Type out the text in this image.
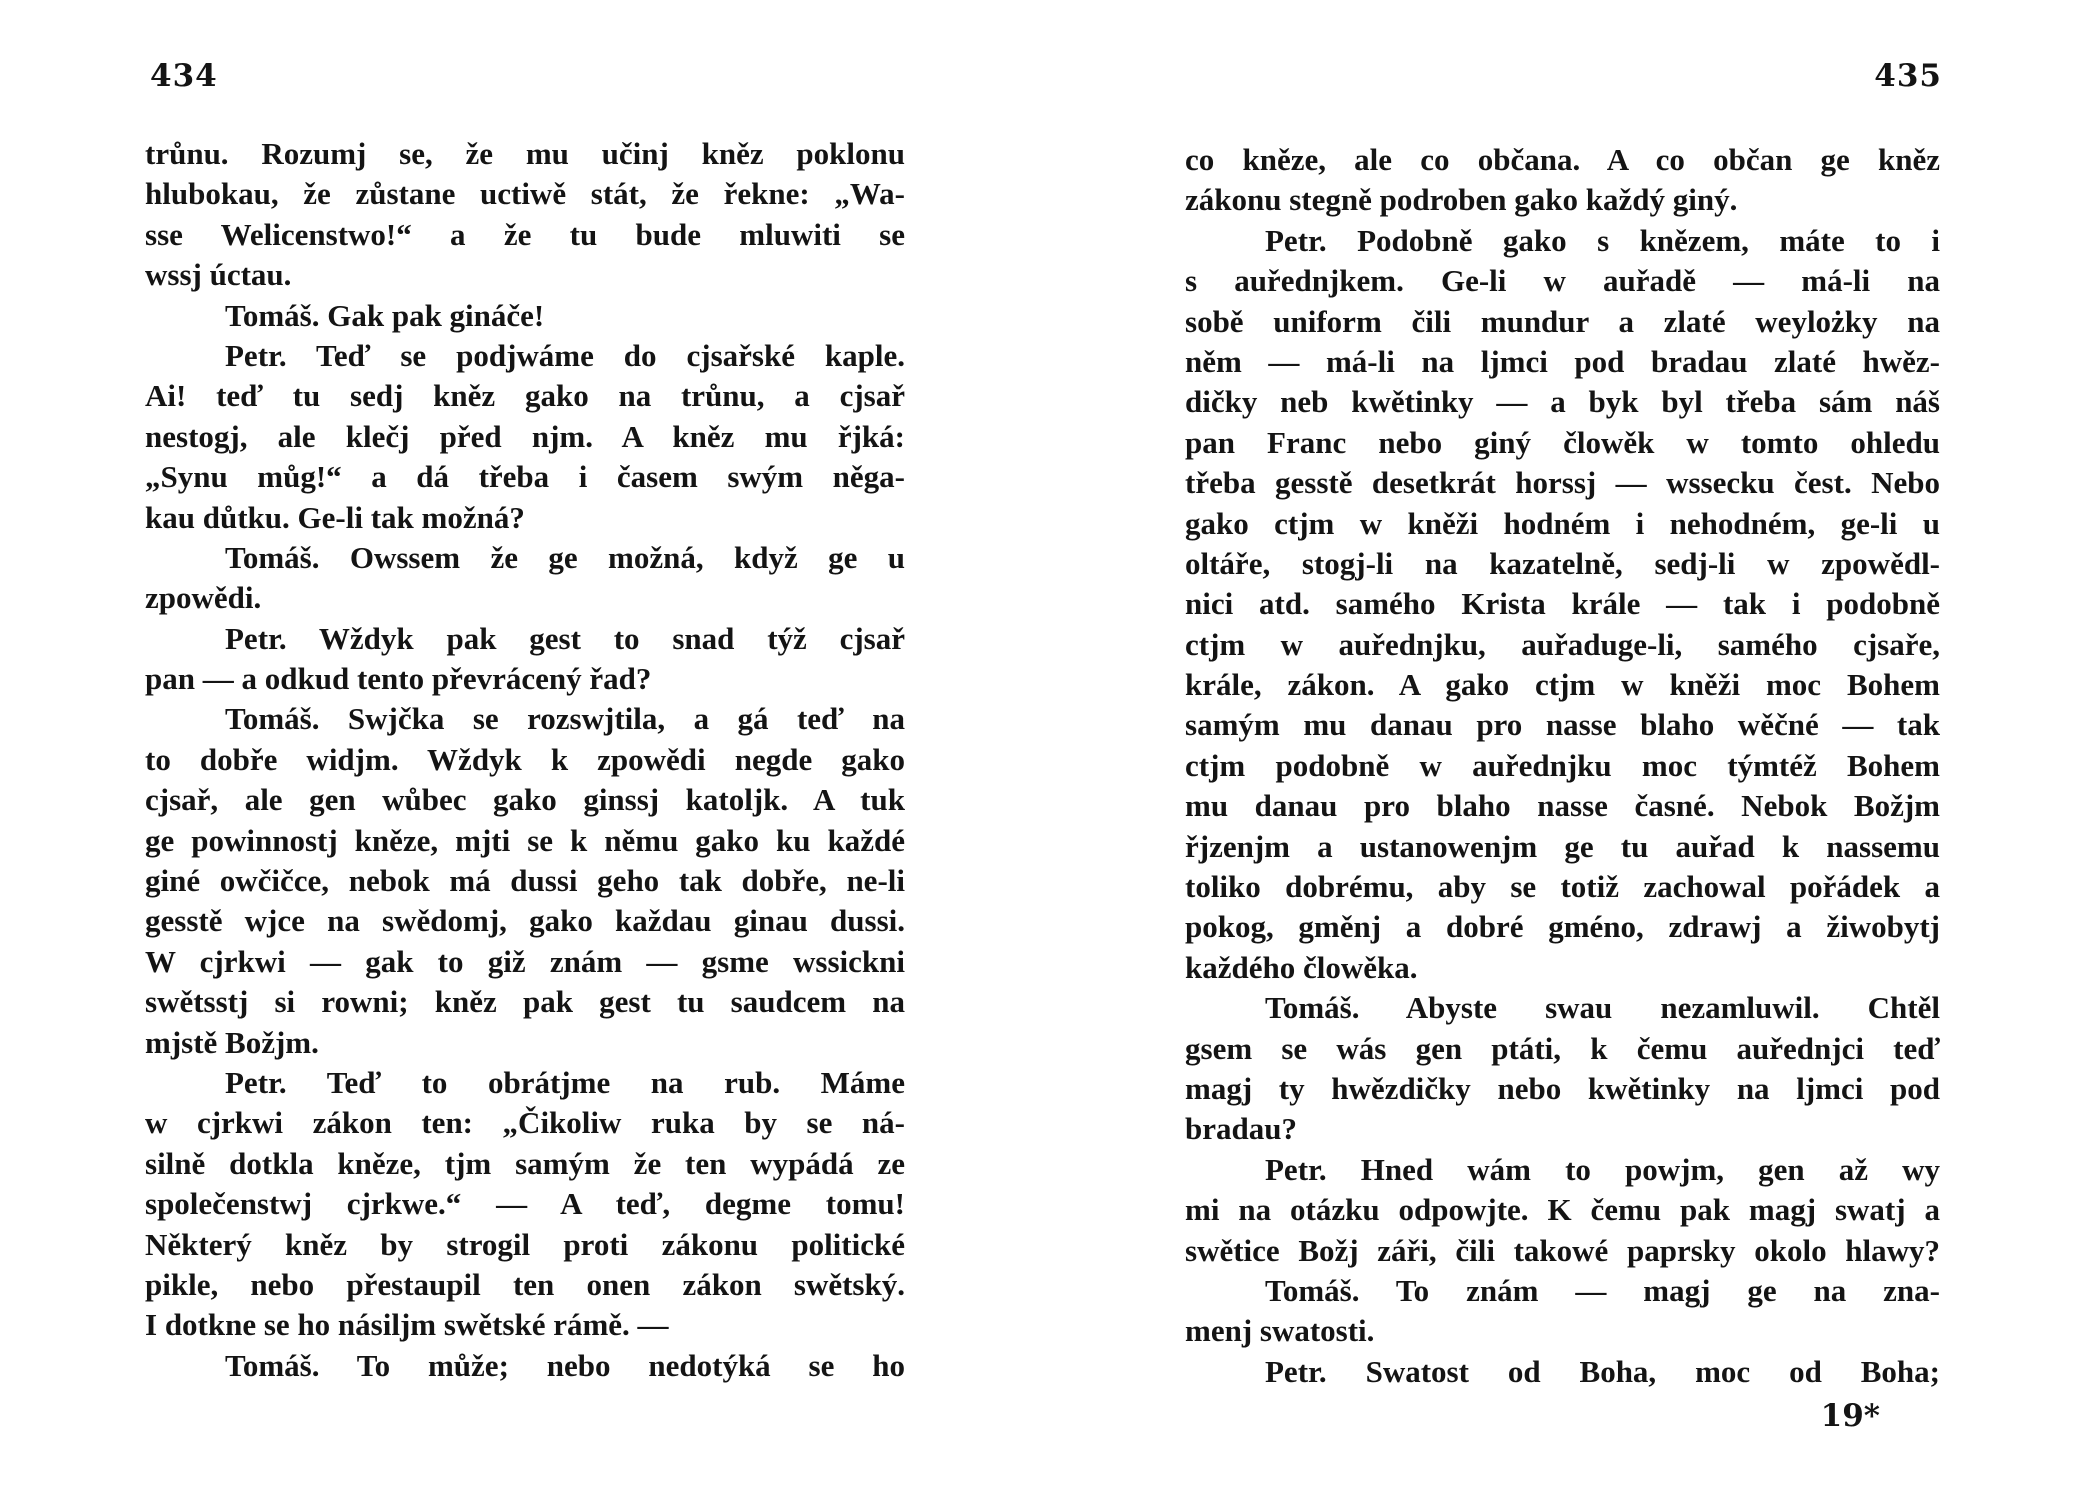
434
trůnu. Rozumj se, že mu učinj kněz poklonu
hlubokau, že zůstane uctiwě stát, že řekne: „Wa-
sse Welicenstwo!“ a že tu bude mluwiti se
wssj úctau.
Tomáš. Gak pak gináče!
Petr. Teď se podjwáme do cjsařské kaple.
Ai! teď tu sedj kněz gako na trůnu, a cjsař
nestogj, ale klečj před njm. A kněz mu řjká:
„Synu můg!“ a dá třeba i časem swým něga-
kau důtku. Ge-li tak možná?
Tomáš. Owssem že ge možná, když ge u
zpowědi.
Petr. Wždyk pak gest to snad týž cjsař
pan — a odkud tento převrácený řad?
Tomáš. Swjčka se rozswjtila, a gá teď na
to dobře widjm. Wždyk k zpowědi negde gako
cjsař, ale gen wůbec gako ginssj katoljk. A tuk
ge powinnostj kněze, mjti se k němu gako ku každé
giné owčičce, nebok má dussi geho tak dobře, ne-li
gesstě wjce na swědomj, gako každau ginau dussi.
W cjrkwi — gak to giž znám — gsme wssickni
swětsstj si rowni; kněz pak gest tu saudcem na
mjstě Božjm.
Petr. Teď to obrátjme na rub. Máme
w cjrkwi zákon ten: „Čikoliw ruka by se ná-
silně dotkla kněze, tjm samým že ten wypádá ze
společenstwj cjrkwe.“ — A teď, degme tomu!
Některý kněz by strogil proti zákonu politické
pikle, nebo přestaupil ten onen zákon swětský.
I dotkne se ho násiljm swětské rámě. —
Tomáš. To může; nebo nedotýká se ho
435
co kněze, ale co občana. A co občan ge kněz
zákonu stegně podroben gako každý giný.
Petr. Podobně gako s knězem, máte to i
s auřednjkem. Ge-li w auřadě — má-li na
sobě uniform čili mundur a zlaté weylożky na
něm — má-li na ljmci pod bradau zlaté hwěz-
dičky neb kwětinky — a byk byl třeba sám náš
pan Franc nebo giný člowěk w tomto ohledu
třeba gesstě desetkrát horssj — wssecku čest. Nebo
gako ctjm w kněži hodném i nehodném, ge-li u
oltáře, stogj-li na kazatelně, sedj-li w zpowědl-
nici atd. samého Krista krále — tak i podobně
ctjm w auřednjku, auřaduge-li, samého cjsaře,
krále, zákon. A gako ctjm w kněži moc Bohem
samým mu danau pro nasse blaho wěčné — tak
ctjm podobně w auřednjku moc týmtéž Bohem
mu danau pro blaho nasse časné. Nebok Božjm
řjzenjm a ustanowenjm ge tu auřad k nassemu
toliko dobrému, aby se totiž zachowal pořádek a
pokog, gměnj a dobré gméno, zdrawj a žiwobytj
každého člowěka.
Tomáš. Abyste swau nezamluwil. Chtěl
gsem se wás gen ptáti, k čemu auřednjci teď
magj ty hwězdičky nebo kwětinky na ljmci pod
bradau?
Petr. Hned wám to powjm, gen až wy
mi na otázku odpowjte. K čemu pak magj swatj a
swětice Božj záři, čili takowé paprsky okolo hlawy?
Tomáš. To znám — magj ge na zna-
menj swatosti.
Petr. Swatost od Boha, moc od Boha;
19*
